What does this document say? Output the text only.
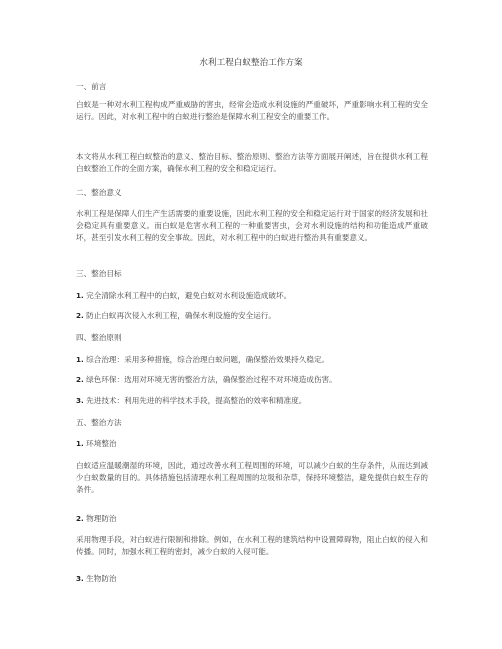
水利工程白蚁整治工作方案

一、前言

白蚁是一种对水利工程构成严重威胁的害虫，经常会造成水利设施的严重破坏，严重影响水利工程的安全运行。因此，对水利工程中的白蚁进行整治是保障水利工程安全的重要工作。

本文将从水利工程白蚁整治的意义、整治目标、整治原则、整治方法等方面展开阐述，旨在提供水利工程白蚁整治工作的全面方案，确保水利工程的安全和稳定运行。

二、整治意义

水利工程是保障人们生产生活需要的重要设施，因此水利工程的安全和稳定运行对于国家的经济发展和社会稳定具有重要意义。而白蚁是危害水利工程的一种重要害虫，会对水利设施的结构和功能造成严重破坏，甚至引发水利工程的安全事故。因此，对水利工程中的白蚁进行整治具有重要意义。

三、整治目标

1. 完全清除水利工程中的白蚁，避免白蚁对水利设施造成破坏。

2. 防止白蚁再次侵入水利工程，确保水利设施的安全运行。

四、整治原则

1. 综合治理：采用多种措施，综合治理白蚁问题，确保整治效果持久稳定。

2. 绿色环保：选用对环境无害的整治方法，确保整治过程不对环境造成伤害。

3. 先进技术：利用先进的科学技术手段，提高整治的效率和精准度。

五、整治方法

1. 环境整治

白蚁适应温暖潮湿的环境，因此，通过改善水利工程周围的环境，可以减少白蚁的生存条件，从而达到减少白蚁数量的目的。具体措施包括清理水利工程周围的垃圾和杂草，保持环境整洁，避免提供白蚁生存的条件。

2. 物理防治

采用物理手段，对白蚁进行限制和排除。例如，在水利工程的建筑结构中设置障碍物，阻止白蚁的侵入和传播。同时，加强水利工程的密封，减少白蚁的入侵可能。

3. 生物防治
